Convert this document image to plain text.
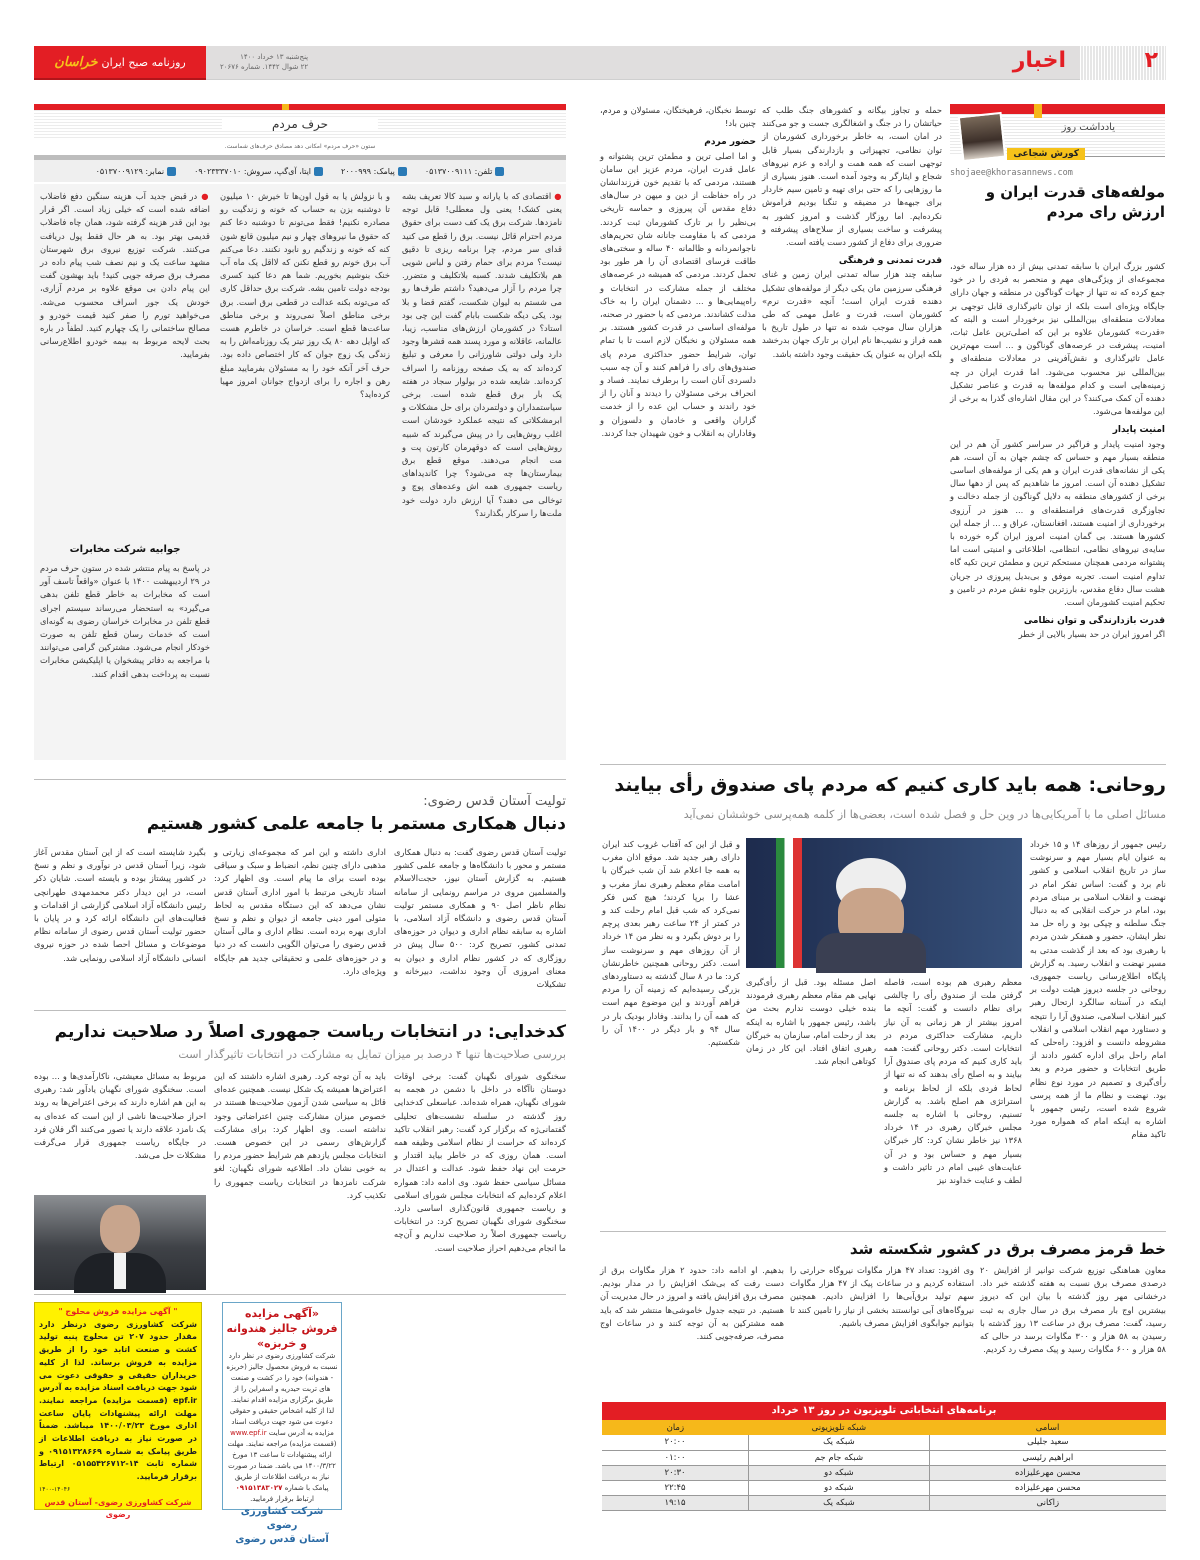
روزنامه صبح ایران
خراسان	پنج‌شنبه ۱۳ خرداد ۱۴۰۰
۲۲ شوال ۱۴۴۲. شماره ۲۰۶۷۶	اخبار	۲
یادداشت روز
کورش شجاعی
shojaee@khorasannews.com
مولفه‌های قدرت ایران و ارزش رای مردم
کشور بزرگ ایران با سابقه تمدنی بیش از ده هزار ساله خود، مجموعه‌ای از ویژگی‌های مهم و منحصر به فردی را در خود جمع کرده که نه تنها از جهات گوناگون در منطقه و جهان دارای جایگاه ویژه‌ای است بلکه از توان تاثیرگذاری قابل توجهی بر معادلات منطقه‌ای بین‌المللی نیز برخوردار است و البته که «قدرت» کشورمان علاوه بر این که اصلی‌ترین عامل ثبات، امنیت، پیشرفت در عرصه‌های گوناگون و ... است مهم‌ترین عامل تاثیرگذاری و نقش‌آفرینی در معادلات منطقه‌ای و بین‌المللی نیز محسوب می‌شود. اما قدرت ایران در چه زمینه‌هایی است و کدام مولفه‌ها به قدرت و عناصر تشکیل دهنده آن کمک می‌کنند؟ در این مقال اشاره‌ای گذرا به برخی از این مولفه‌ها می‌شود.
امنیت پایدار
وجود امنیت پایدار و فراگیر در سراسر کشور آن هم در این منطقه بسیار مهم و حساس که چشم جهان به آن است، هم یکی از نشانه‌های قدرت ایران و هم یکی از مولفه‌های اساسی تشکیل دهنده آن است. امروز ما شاهدیم که پس از دهها سال برخی از کشورهای منطقه به دلایل گوناگون از جمله دخالت و تجاوزگری قدرت‌های فرامنطقه‌ای و ... هنوز در آرزوی برخورداری از امنیت هستند، افغانستان، عراق و ... از جمله این کشورها هستند. بی گمان امنیت امروز ایران گره خورده با سایه‌ی نیروهای نظامی، انتظامی، اطلاعاتی و امنیتی است اما پشتوانه مردمی همچنان مستحکم ترین و مطمئن ترین تکیه گاه تداوم امنیت است. تجربه موفق و بی‌بدیل پیروزی در جریان هشت سال دفاع مقدس، بارزترین جلوه نقش مردم در تامین و تحکیم امنیت کشورمان است.
قدرت بازدارندگی و توان نظامی
اگر امروز ایران در حد بسیار بالایی از خطر
حمله و تجاوز بیگانه و کشورهای جنگ طلب که حیاتشان را در جنگ و اشغالگری جست و جو می‌کنند در امان است، به خاطر برخورداری کشورمان از توان نظامی، تجهیزاتی و بازدارندگی بسیار قابل توجهی است که همه همت و اراده و عزم نیروهای شجاع و ایثارگر به وجود آمده است. هنوز بسیاری از ما روزهایی را که حتی برای تهیه و تامین سیم خاردار برای جبهه‌ها در مضیقه و تنگنا بودیم فراموش نکرده‌ایم. اما روزگار گذشت و امروز کشور به پیشرفت و ساخت بسیاری از سلاح‌های پیشرفته و ضروری برای دفاع از کشور دست یافته است.
قدرت تمدنی و فرهنگی
سابقه چند هزار ساله تمدنی ایران زمین و غنای فرهنگی سرزمین مان یکی دیگر از مولفه‌های تشکیل دهنده قدرت ایران است؛ آنچه «قدرت نرم» کشورمان است، قدرت و عامل مهمی که طی هزاران سال موجب شده نه تنها در طول تاریخ با همه فراز و نشیب‌ها نام ایران بر تارک جهان بدرخشد بلکه ایران به عنوان یک حقیقت وجود داشته باشد.
توسط نخبگان، فرهیختگان، مسئولان و مردم، چنین باد!
حضور مردم
و اما اصلی ترین و مطمئن ترین پشتوانه و عامل قدرت ایران، مردم عزیز این سامان هستند، مردمی که با تقدیم خون فرزندانشان در راه حفاظت از دین و میهن در سال‌های دفاع مقدس آن پیروزی و حماسه تاریخی بی‌نظیر را بر تارک کشورمان ثبت کردند. مردمی که با مقاومت جانانه شان تحریم‌های ناجوانمردانه و ظالمانه ۴۰ ساله و سختی‌های طاقت فرسای اقتصادی آن را هر طور بود تحمل کردند. مردمی که همیشه در عرصه‌های مختلف از جمله مشارکت در انتخابات و راه‌پیمایی‌ها و ... دشمنان ایران را به خاک مذلت کشاندند. مردمی که با حضور در صحنه، مولفه‌ای اساسی در قدرت کشور هستند. بر همه مسئولان و نخبگان لازم است تا با تمام توان، شرایط حضور حداکثری مردم پای صندوق‌های رای را فراهم کنند و آن چه سبب دلسردی آنان است را برطرف نمایند. فساد و انحراف برخی مسئولان را دیدند و آنان را از خود راندند و حساب این عده را از خدمت گزاران واقعی و خادمان و دلسوزان و وفاداران به انقلاب و خون شهیدان جدا کردند.
حرف مردم
ستون «حرف مردم» امکانی دهد مصادق حرف‌های شماست.
تلفن: ۰۵۱۳۷۰۰۹۱۱۱
پیامک: ۲۰۰۰۹۹۹
ایتا، آی‌گپ، سروش: ۰۹۰۲۳۳۳۷۰۱۰
نمابر: ۰۵۱۳۷۰۰۹۱۲۹
● اقتصادی که با یارانه و سبد کالا تعریف بشه یعنی کشک! یعنی ول معطلی! قابل توجه نامزدها. شرکت برق یک کف دست برای حقوق مردم احترام قائل نیست. برق را قطع می کنید قدای سر مردم، چرا برنامه ریزی تا دقیق نیست؟ مردم برای حمام رفتن و لباس شویی هم بلاتکلیف شدند. کسبه بلاتکلیف و متضرر. چرا مردم را آزار می‌دهید؟ داشتم طرف‌ها رو می شستم به لیوان شکست، گفتم قضا و بلا بود. یکی دیگه شکست بابام گفت این چی بود استاد؟ در کشورمان ارزش‌های مناسب، زیبا، عالمانه، عاقلانه و مورد پسند همه قشرها وجود دارد ولی دولتی شاورزانی را معرفی و تبلیغ کرده‌اند که به یک صفحه روزنامه را اسراف کرده‌اند. شایعه شده در بولوار سجاد در هفته یک بار برق قطع شده است. برخی سیاستمداران و دولتمردان برای حل مشکلات و ابرمشکلاتی که نتیجه عملکرد خودشان است اغلب روش‌هایی را در پیش می‌گیرند که شبیه روش‌هایی است که دوقهرمان کارتون پت و مت انجام می‌دهند. موقع قطع برق بیمارستان‌ها چه می‌شود؟ چرا کاندیداهای ریاست جمهوری همه اش وعده‌های پوچ و توخالی می دهند؟ آیا ارزش دارد دولت خود ملت‌ها را سرکار بگذارند؟
و با نزولش یا به قول اون‌ها تا خیرش ۱۰ میلیون تا دوشنبه بزن به حساب که خونه و زندگیت رو مصادره نکنیم! فقط می‌تونم تا دوشنبه دعا کنم که حقوق ما نیروهای چهار و نیم میلیون قانع شون کنه که خونه و زندگیم رو نابود نکنند. دعا می‌کنم آب برق خونم رو قطع نکنن که لااقل یک ماه آب خنک بنوشیم بخوریم. شما هم دعا کنید کسری بودجه دولت تامین بشه. شرکت برق حداقل کاری که می‌تونه بکنه عدالت در قطعی برق است. برق برخی مناطق اصلاً نمی‌روند و برخی مناطق ساعت‌ها قطع است. خراسان در خاطرم هست که اوایل دهه ۸۰ یک روز تیتر یک روزنامه‌اش را به زندگی یک زوج جوان که کار اختصاص داده بود. حرف آخر آنکه خود را به مسئولان بفرمایید مبلغ رهن و اجاره را برای ازدواج جوانان امروز مهیا کرده‌اید؟
● در قبض جدید آب هزینه سنگین دفع فاضلاب اضافه شده است که خیلی زیاد است. اگر قرار بود این قدر هزینه گرفته شود، همان چاه فاضلاب قدیمی بهتر بود. به هر حال فقط پول دریافت می‌کنند. شرکت توزیع نیروی برق شهرستان مشهد ساعت یک و نیم نصف شب پیام داده در مصرف برق صرفه جویی کنید! باید بهشون گفت این پیام دادن بی موقع علاوه بر مردم آزاری، خودش یک جور اسراف محسوب می‌شه. می‌خواهید تورم را صفر کنید قیمت خودرو و مصالح ساختمانی را یک چهارم کنید. لطفاً در باره بحث لایحه مربوط به بیمه خودرو اطلاع‌رسانی بفرمایید.
جوابیه شرکت مخابرات
در پاسخ به پیام منتشر شده در ستون حرف مردم در ۲۹ اردیبهشت ۱۴۰۰ با عنوان «واقعاً تاسف آور است که مخابرات به خاطر قطع تلفن بدهی می‌گیرد» به استحضار می‌رساند سیستم اجرای قطع تلفن در مخابرات خراسان رضوی به گونه‌ای است که خدمات رسان قطع تلفن به صورت خودکار انجام می‌شود. مشترکین گرامی می‌توانند با مراجعه به دفاتر پیشخوان یا اپلیکیشن مخابرات نسبت به پرداخت بدهی اقدام کنند.
روحانی: همه باید کاری کنیم که مردم پای صندوق رأی بیایند
مسائل اصلی ما با آمریکایی‌ها در وین حل و فصل شده است، بعضی‌ها از کلمه همه‌پرسی خوششان نمی‌آید
رئیس جمهور از روزهای ۱۴ و ۱۵ خرداد به عنوان ایام بسیار مهم و سرنوشت ساز در تاریخ انقلاب اسلامی و کشور نام برد و گفت: اساس تفکر امام در نهضت و انقلاب اسلامی بر مبنای مردم بود، امام در حرکت انقلابی که به دنبال جنگ سلطنه و چپکی بود و راه حل مد نظر ایشان، حضور و همفکر شدن مردم با رهبری بود که بعد از گذشت مدتی به مسیر نهضت و انقلاب رسید. به گزارش پایگاه اطلاع‌رسانی ریاست جمهوری، روحانی در جلسه دیروز هیئت دولت بر اینکه در آستانه سالگرد ارتحال رهبر کبیر انقلاب اسلامی، صندوق آرا را نتیجه و دستاورد مهم انقلاب اسلامی و انقلاب مشروطه دانست و افزود: راه‌حلی که امام راحل برای اداره کشور دادند از طریق انتخابات و حضور مردم و بعد رأی‌گیری و تصمیم در مورد نوع نظام بود. نهضت و نظام ما از همه پرسی شروع شده است، رئیس جمهور با اشاره به اینکه امام که همواره مورد تاکید مقام
و قبل از این که آفتاب غروب کند ایران دارای رهبر جدید شد. موقع اذان مغرب به همه جا اعلام شد آن شب خبرگان با امامت مقام معظم رهبری نماز مغرب و عشا را برپا کردند؛ هیچ کس فکر نمی‌کرد که شب قبل امام رحلت کند و در کمتر از ۲۴ ساعت رهبر بعدی پرچم را بر دوش بگیرد و به نظر من ۱۴ خرداد از آن روزهای مهم و سرنوشت ساز است. دکتر روحانی همچنین خاطرنشان کرد: ما در ۸ سال گذشته به دستاوردهای بزرگی رسیده‌ایم که زمینه آن را مردم فراهم آوردند و این موضوع مهم است که همه آن را بدانند. وفادار بودیک بار در سال ۹۴ و بار دیگر در ۱۴۰۰ آن را شکستیم.
اصل مسئله بود. قبل از رأی‌گیری نهایی هم مقام معظم رهبری فرمودند بنده خیلی دوست ندارم بحث من باشد، رئیس جمهور با اشاره به اینکه بعد از رحلت امام، سازمان به خبرگان رهبری اتفاق افتاد. این کار در زمان کوتاهی انجام شد.
معظم رهبری هم بوده است، فاصله گرفتن ملت از صندوق رأی را چالشی برای نظام دانست و گفت: آنچه ما امروز بیشتر از هر زمانی به آن نیاز داریم، مشارکت حداکثری مردم در انتخابات است. دکتر روحانی گفت: همه باید کاری کنیم که مردم پای صندوق آرا بیایند و به اصلح رأی بدهند که نه تنها از لحاظ فردی بلکه از لحاظ برنامه و استراتژی هم اصلح باشد. به گزارش تسنیم، روحانی با اشاره به جلسه مجلس خبرگان رهبری در ۱۴ خرداد ۱۳۶۸ نیز خاطر نشان کرد: کار خبرگان بسیار مهم و حساس بود و در آن عنایت‌های غیبی امام در تاثیر داشت و لطف و عنایت خداوند نیز
تولیت آستان قدس رضوی:
دنبال همکاری مستمر با جامعه علمی کشور هستیم
تولیت آستان قدس رضوی گفت: به دنبال همکاری مستمر و محور با دانشگاه‌ها و جامعه علمی کشور هستیم. به گزارش آستان نیوز، حجت‌الاسلام والمسلمین مروی در مراسم رونمایی از سامانه نظام ناظر اصل ۹۰ و همکاری مستمر تولیت آستان قدس رضوی و دانشگاه آزاد اسلامی، با اشاره به سابقه نظام اداری و دیوان در حوزه‌های تمدنی کشور، تصریح کرد: ۵۰۰ سال پیش در روزگاری که در کشور نظام اداری و دیوان به معنای امروزی آن وجود نداشت، دبیرخانه و تشکیلات
اداری داشته و این امر که مجموعه‌ای زیارتی و مذهبی دارای چنین نظم، انضباط و سبک و سیاقی بوده است برای ما پیام است. وی اظهار کرد: اسناد تاریخی مرتبط با امور اداری آستان قدس نشان می‌دهد که این دستگاه مقدس به لحاظ متولی امور دینی جامعه از دیوان و نظم و نسخ اداری بهره برده است. نظام اداری و مالی آستان قدس رضوی را می‌توان الگویی دانست که در دنیا و در حوزه‌های علمی و تحقیقاتی جدید هم جایگاه ویژه‌ای دارد.
بگیرد شایسته است که از این آستان مقدس آغاز شود، زیرا آستان قدس در نوآوری و نظم و نسخ در کشور پیشتاز بوده و بایسته است. شایان ذکر است، در این دیدار دکتر محمدمهدی طهرانچی رئیس دانشگاه آزاد اسلامی گزارشی از اقدامات و فعالیت‌های این دانشگاه ارائه کرد و در پایان با حضور تولیت آستان قدس رضوی از سامانه نظام موضوعات و مسائل احصا شده در حوزه نیروی انسانی دانشگاه آزاد اسلامی رونمایی شد.
کدخدایی: در انتخابات ریاست جمهوری اصلاً رد صلاحیت نداریم
بررسی صلاحیت‌ها تنها ۴ درصد بر میزان تمایل به مشارکت در انتخابات تاثیرگذار است
سخنگوی شورای نگهبان گفت: برخی اوقات دوستان ناآگاه در داخل با دشمن در هجمه به شورای نگهبان، همراه شده‌اند. عباسعلی کدخدایی روز گذشته در سلسله نشست‌های تحلیلی گفتمانی‌ژه که برگزار کرد گفت: رهبر انقلاب تاکید کرده‌اند که حراست از نظام اسلامی وظیفه همه است. همان روزی که در خاطر بیاید اقتدار و حرمت این نهاد حفظ شود. عدالت و اعتدال در مسائل سیاسی حفظ شود. وی ادامه داد: همواره اعلام کرده‌ایم که انتخابات مجلس شورای اسلامی و ریاست جمهوری قانون‌گذاری اساسی دارد. سخنگوی شورای نگهبان تصریح کرد: در انتخابات ریاست جمهوری اصلاً رد صلاحیت نداریم و آن‌چه ما انجام می‌دهیم احراز صلاحیت است.
باید به آن توجه کرد. رهبری اشاره داشتند که این اعتراض‌ها همیشه یک شکل نیست. همچنین عده‌ای قائل به سیاسی شدن آزمون صلاحیت‌ها هستند در خصوص میزان مشارکت چنین اعتراضاتی وجود نداشته است. وی اظهار کرد: برای مشارکت گزارش‌های رسمی در این خصوص هست. انتخابات مجلس یازدهم هم شرایط حضور مردم را به خوبی نشان داد. اطلاعیه شورای نگهبان: لغو شرکت نامزدها در انتخابات ریاست جمهوری را تکذیب کرد.
مربوط به مسائل معیشتی، ناکارآمدی‌ها و ... بوده است. سخنگوی شورای نگهبان یادآور شد: رهبری به این هم اشاره دارند که برخی اعتراض‌ها به روند احراز صلاحیت‌ها ناشی از این است که عده‌ای به یک نامزد علاقه دارند یا تصور می‌کنند اگر فلان فرد در جایگاه ریاست جمهوری قرار می‌گرفت مشکلات حل می‌شد.
" آگهی مزایده فروش محلوج "
شرکت کشاورزی رضوی درنظر دارد مقدار حدود ۲۰۷ تن محلوج پنبه تولید کشت و صنعت اتابد خود را از طریق مزایده به فروش برساند. لذا از کلیه خریداران حقیقی و حقوقی دعوت می شود جهت دریافت اسناد مزایده به آدرس epf.ir (قسمت مزایده) مراجعه نمایند. مهلت ارائه پیشنهادات پایان ساعت اداری مورخ ۱۴۰۰/۰۳/۲۳ میباشد. ضمناً در صورت نیاز به دریافت اطلاعات از طریق پیامک به شماره ۰۹۱۵۱۳۲۸۶۶۹ و شماره ثابت ۱۴-۰۵۱۵۵۴۲۶۷۱۲ ارتباط برقرار فرمایید.
۱۴۰۰-۱۴۰۴۶
شرکت کشاورزی رضوی- آستان قدس رضوی
«آگهی مزایده فروش جالیز هندوانه و خربزه»
شرکت کشاورزی رضوی در نظر دارد نسبت به فروش محصول جالیز (خربزه - هندوانه) خود را در کشت و صنعت های تربت حیدریه و اسفراین را از طریق برگزاری مزایده اقدام نمایند. لذا از کلیه اشخاص حقیقی و حقوقی دعوت می شود جهت دریافت اسناد مزایده به آدرس سایت www.epf.ir (قسمت مزایده) مراجعه نمایند. مهلت ارائه پیشنهادات تا ساعت ۱۳ مورخ ۱۴۰۰/۳/۲۲ می باشد. ضمنا در صورت نیاز به دریافت اطلاعات از طریق پیامک با شماره ۰۹۱۵۱۳۸۳۰۲۷ ارتباط برقرار فرمایید.
شرکت کشاورزی رضوی
آستان قدس رضوی
خط قرمز مصرف برق در کشور شکسته شد
معاون هماهنگی توزیع شرکت توانیر از افزایش ۲۰ درصدی مصرف برق نسبت به هفته گذشته خبر داد. درخشانی مهر روز گذشته با بیان این که دیروز بیشترین اوج بار مصرف برق در سال جاری به ثبت رسید، گفت: مصرف برق در ساعت ۱۳ روز گذشته با رسیدن به ۵۸ هزار و ۳۰۰ مگاوات برسد در حالی که ۵۸ هزار و ۶۰۰ مگاوات رسید و پیک مصرف رد کردیم.
وی افزود: تعداد ۴۷ هزار مگاوات نیروگاه حرارتی را استفاده کردیم و در ساعات پیک از ۴۷ هزار مگاوات سهم تولید برق‌آبی‌ها را افزایش دادیم. همچنین نیروگاه‌های آبی توانستند بخشی از نیاز را تامین کنند تا بتوانیم جوابگوی افزایش مصرف باشیم.
بدهیم. او ادامه داد: حدود ۲ هزار مگاوات برق از دست رفت که بی‌شک افزایش را در مدار بودیم. مصرف برق افزایش یافته و امروز در حال مدیریت آن هستیم. در نتیجه جدول خاموشی‌ها منتشر شد که باید همه مشترکین به آن توجه کنند و در ساعات اوج مصرف، صرفه‌جویی کنند.
برنامه‌های انتخاباتی تلویزیون در روز ۱۳ خرداد
اسامی	شبکه تلویزیونی	زمان
سعید جلیلی	شبکه یک	۲۰:۰۰
ابراهیم رئیسی	شبکه جام جم	۰۱:۰۰
محسن مهرعلیزاده	شبکه دو	۲۰:۳۰
محسن مهرعلیزاده	شبکه دو	۲۲:۴۵
زاکانی	شبکه یک	۱۹:۱۵
